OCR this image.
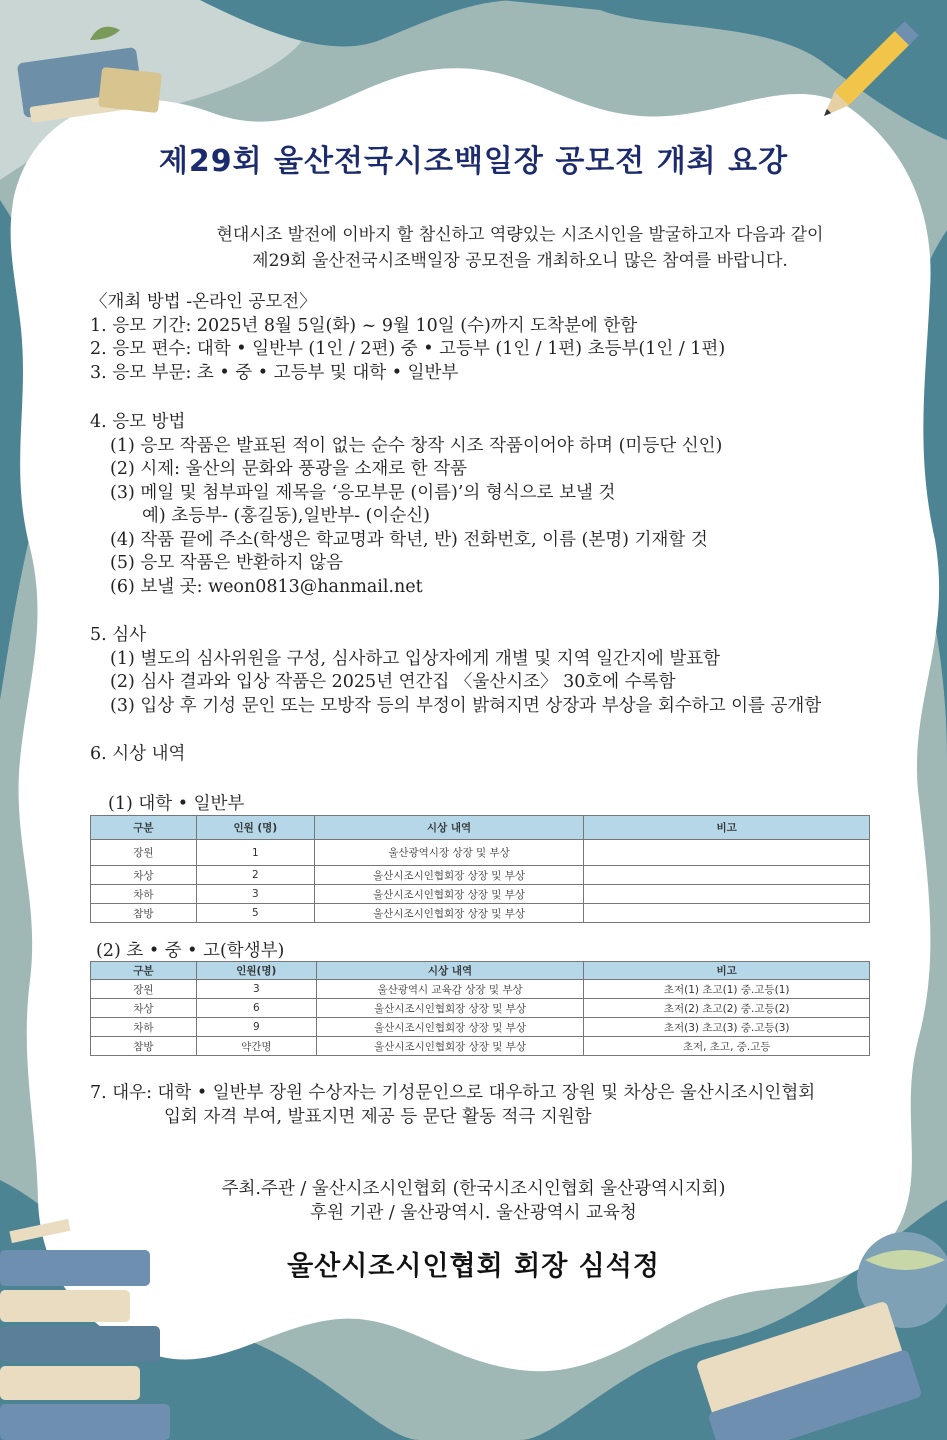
제29회 울산전국시조백일장 공모전 개최 요강
현대시조 발전에 이바지 할 참신하고 역량있는 시조시인을 발굴하고자 다음과 같이
제29회 울산전국시조백일장 공모전을 개최하오니 많은 참여를 바랍니다.
〈개최 방법 -온라인 공모전〉
1. 응모 기간: 2025년 8월 5일(화) ~ 9월 10일 (수)까지 도착분에 한함
2. 응모 편수: 대학 • 일반부 (1인 / 2편) 중 • 고등부 (1인 / 1편) 초등부(1인 / 1편)
3. 응모 부문: 초 • 중 • 고등부 및 대학 • 일반부
4. 응모 방법
(1) 응모 작품은 발표된 적이 없는 순수 창작 시조 작품이어야 하며 (미등단 신인)
(2) 시제: 울산의 문화와 풍광을 소재로 한 작품
(3) 메일 및 첨부파일 제목을 ‘응모부문 (이름)’의 형식으로 보낼 것
예) 초등부- (홍길동),일반부- (이순신)
(4) 작품 끝에 주소(학생은 학교명과 학년, 반) 전화번호, 이름 (본명) 기재할 것
(5) 응모 작품은 반환하지 않음
(6) 보낼 곳: weon0813@hanmail.net
5. 심사
(1) 별도의 심사위원을 구성, 심사하고 입상자에게 개별 및 지역 일간지에 발표함
(2) 심사 결과와 입상 작품은 2025년 연간집 〈울산시조〉 30호에 수록함
(3) 입상 후 기성 문인 또는 모방작 등의 부정이 밝혀지면 상장과 부상을 회수하고 이를 공개함
6. 시상 내역
(1) 대학 • 일반부
구분	인원 (명)	시상 내역	비고
장원	1	울산광역시장 상장 및 부상	
차상	2	울산시조시인협회장 상장 및 부상	
차하	3	울산시조시인협회장 상장 및 부상	
참방	5	울산시조시인협회장 상장 및 부상	
(2) 초 • 중 • 고(학생부)
구분	인원(명)	시상 내역	비고
장원	3	울산광역시 교육감 상장 및 부상	초저(1) 초고(1) 중.고등(1)
차상	6	울산시조시인협회장 상장 및 부상	초저(2) 초고(2) 중.고등(2)
차하	9	울산시조시인협회장 상장 및 부상	초저(3) 초고(3) 중.고등(3)
참방	약간명	울산시조시인협회장 상장 및 부상	초저, 초고, 중.고등
7. 대우: 대학 • 일반부 장원 수상자는 기성문인으로 대우하고 장원 및 차상은 울산시조시인협회
입회 자격 부여, 발표지면 제공 등 문단 활동 적극 지원함
주최.주관 / 울산시조시인협회 (한국시조시인협회 울산광역시지회)
후원 기관 / 울산광역시. 울산광역시 교육청
울산시조시인협회 회장 심석정
